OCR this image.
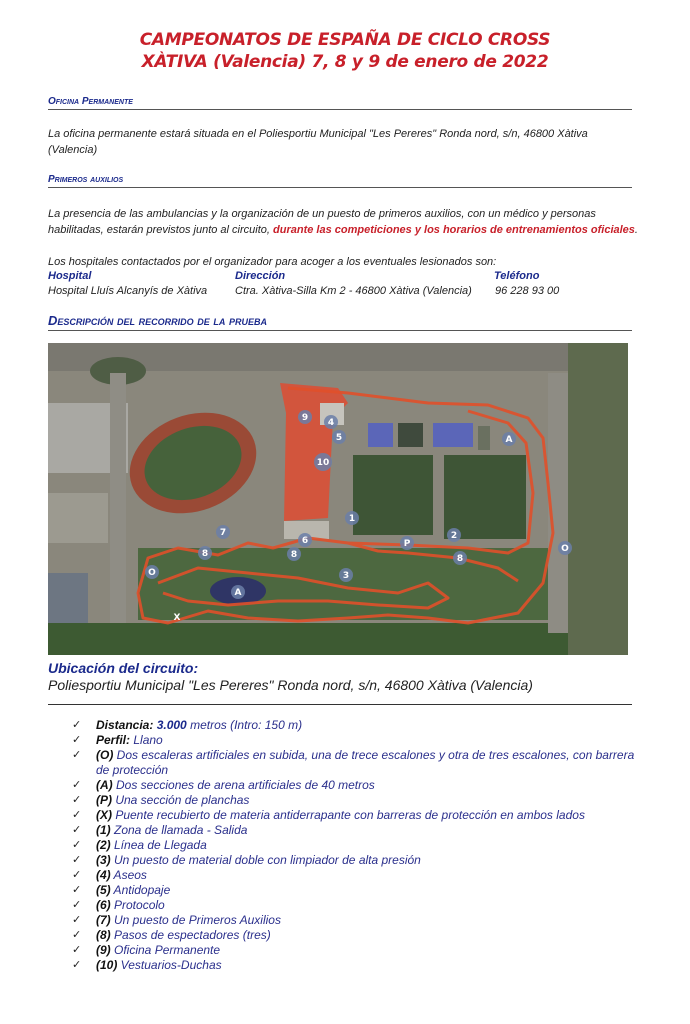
CAMPEONATOS DE ESPAÑA DE CICLO CROSS
XÀTIVA (Valencia) 7, 8 y 9 de enero de 2022
Oficina Permanente
La oficina permanente estará situada en el Poliesportiu Municipal "Les Pereres" Ronda nord, s/n, 46800 Xàtiva (Valencia)
Primeros auxilios
La presencia de las ambulancias y la organización de un puesto de primeros auxilios, con un médico y personas habilitadas, estarán previstos junto al circuito, durante las competiciones y los horarios de entrenamientos oficiales.
Los hospitales contactados por el organizador para acoger a los eventuales lesionados son:
Hospital	Dirección	Teléfono
Hospital Lluís Alcanyís de Xàtiva	Ctra. Xàtiva-Silla Km 2 - 46800 Xàtiva (Valencia) 96 228 93 00
Descripción del recorrido de la prueba
9 4
5
10
7
6
8	8	8
O
O
A
A
X
1
2
3
P
Ubicación del circuito:
Poliesportiu Municipal "Les Pereres" Ronda nord, s/n, 46800 Xàtiva (Valencia)
✓ Distancia: 3.000 metros (Intro: 150 m)
✓ Perfil: Llano
✓ (O) Dos escaleras artificiales en subida, una de trece escalones y otra de tres escalones, con barrera de protección
✓ (A) Dos secciones de arena artificiales de 40 metros
✓ (P) Una sección de planchas
✓ (X) Puente recubierto de materia antiderrapante con barreras de protección en ambos lados
✓ (1) Zona de llamada - Salida
✓ (2) Línea de Llegada
✓ (3) Un puesto de material doble con limpiador de alta presión
✓ (4) Aseos
✓ (5) Antidopaje
✓ (6) Protocolo
✓ (7) Un puesto de Primeros Auxilios
✓ (8) Pasos de espectadores (tres)
✓ (9) Oficina Permanente
✓ (10) Vestuarios-Duchas
